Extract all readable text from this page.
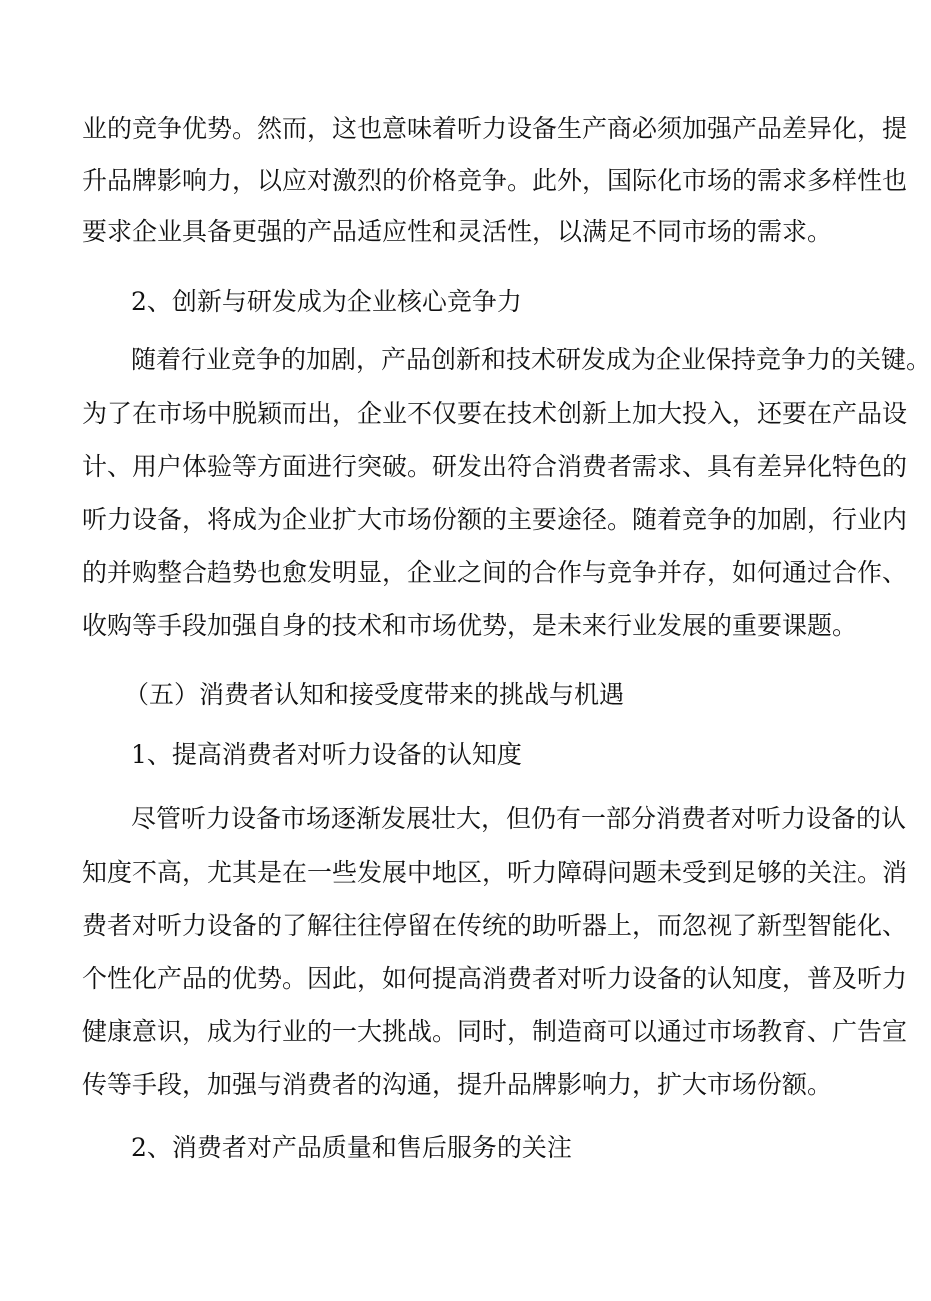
业的竞争优势。然而，这也意味着听力设备生产商必须加强产品差异化，提
升品牌影响力，以应对激烈的价格竞争。此外，国际化市场的需求多样性也
要求企业具备更强的产品适应性和灵活性，以满足不同市场的需求。
2、创新与研发成为企业核心竞争力
随着行业竞争的加剧，产品创新和技术研发成为企业保持竞争力的关键。
为了在市场中脱颖而出，企业不仅要在技术创新上加大投入，还要在产品设
计、用户体验等方面进行突破。研发出符合消费者需求、具有差异化特色的
听力设备，将成为企业扩大市场份额的主要途径。随着竞争的加剧，行业内
的并购整合趋势也愈发明显，企业之间的合作与竞争并存，如何通过合作、
收购等手段加强自身的技术和市场优势，是未来行业发展的重要课题。
（五）消费者认知和接受度带来的挑战与机遇
1、提高消费者对听力设备的认知度
尽管听力设备市场逐渐发展壮大，但仍有一部分消费者对听力设备的认
知度不高，尤其是在一些发展中地区，听力障碍问题未受到足够的关注。消
费者对听力设备的了解往往停留在传统的助听器上，而忽视了新型智能化、
个性化产品的优势。因此，如何提高消费者对听力设备的认知度，普及听力
健康意识，成为行业的一大挑战。同时，制造商可以通过市场教育、广告宣
传等手段，加强与消费者的沟通，提升品牌影响力，扩大市场份额。
2、消费者对产品质量和售后服务的关注
